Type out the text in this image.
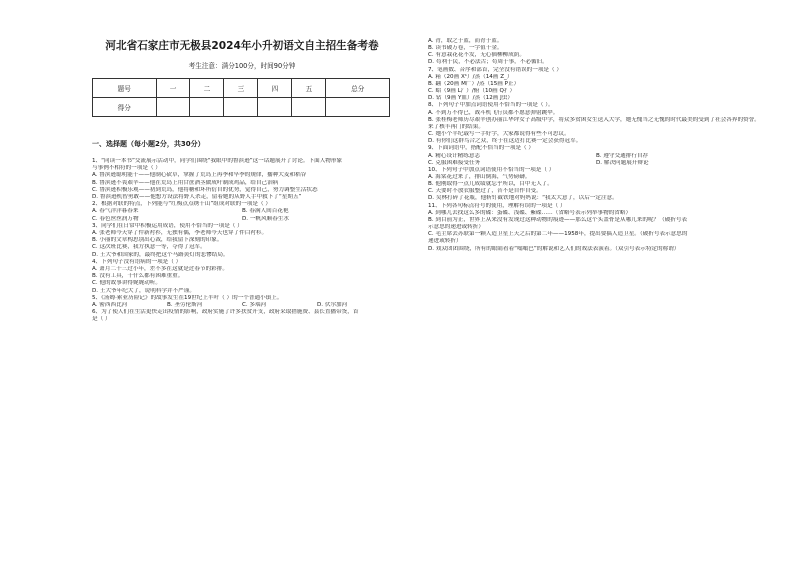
河北省石家庄市无极县2024年小升初语文自主招生备考卷
考生注意：满分100分，时间90分钟
题号	一	二	三	四	五	总分
得分						
一、选择题（每小题2分，共30分）
1、“同读一本书”交流展示活动中，同学们围绕“我眼中的鲁滨逊”这一话题展开了讨论。下面人物形象
与事例不相符的一项是（ ）
A. 鲁滨逊聪明能干——他制心砍草，掌握了荒岛上再季和旱季的规律，播种大麦和稻谷
B. 鲁滨逊不畏艰辛——他在荒岛上用甘蔗酒茎做成叶制成鸡品，给自己治病
C. 鲁滨逊积极乐观——初到荒岛，他将糖和坏所衍自的优势，觉得自己，努力调整生活状态
D. 鲁滨逊机智勇敢——他想方设法将野人杀走，留着她的从野人手中救下了“星期五”
2、根据对联的特点，下列能与“红梅点点绣千山”组成对联的一项是（ ）
A. 春气洋洋暮春来	B. 春满人间百花艳
C. 春色丝丝润万物	D. 一帆风顺春生水
3、同学们在日常中积极运用成语，使用不恰当的一项是（ ）
A. 张老师今天穿了件新衬衫，无独有偶，李老师今天也穿了件白衬衫。
B. 小丽的文章构思别出心裁，给我留下深刻的印象。
C. 这次班比赛，我方执意一等，夺得了冠军。
D. 王大爷和国家的，最终把这个马路黄灯的悲惨结局。
4、下列句子没有语病的一项是（ ）
A. 萧月二十三过小年，差不多在这就是过春节的彩排。
B. 没有工具，千什么都有困难重重。
C. 他的故事讲得娓娓动听。
D. 王大爷年纪大了，说明科学并不严谨。
5、《汤姆·索亚历险记》的故事发生在19世纪上半叶（ ）的一个普通小镇上。
A. 密西西比河	B. 圣劳伦斯河	C. 多瑙河	D. 伏尔加河
6、为了使人们在生活更快走出疫情的影响，政府实施了许多扶贫开支，政府采取措施费、县长直播带货，首
是（ ）
A. 青，取之于蓝，而青于蓝。
B. 读书破万卷，一字值千金。
C. 有意栽花花不发，无心插柳柳成荫。
D. 苟利于民，不必法古；苟周于事，不必循旧。
7、笔画数、音序和部首，完全没有错误的一项是（ ）
A. 箱（20画 X¹）/蒸（14画 Z_）
B. 翻（20画 M广）/蒸（15画 P止）
C. 蛤（9画 L氵）/俯（10画 Q扌）
D. 钻（9画 Y皿）/蒸（12画 J虫）
8、下列句子中加点词语使用不恰当的一项是（ ）。
A. 不到万不得已，战斗机飞行员都不愿意弹射跳伞。
B. 张桂梅老师历尽艰辛创办丽江华坪女子高级中学，将众多贫困女生送入大学，她无愧当之无愧的时代最美的受到了社会各界的赞誉。
来了核丰再门的结果。
C. 她小个半纪载写一手好字，大家都说得有些不可思议。
D. 有你们这群鸟合之众，终于在这边打比赛一定会获得冠军。
9、下面词语中，搭配不恰当的一项是（ ）
A. 精心设计精练意志	B. 遵守交通排行自荐
C. 克服困难接受任务	D. 解决问题展开辩论
10、下列句子中加点词语使用不恰当的一项是（ ）
A. 海棠花过来了，排山倒海，气势磅礴。
B. 他刚取得一点儿成绩就忘乎所以，目中无人了。
C. 天要时不放衣服整过了，昔不是自作自受。
D. 吴林打碎了花瓶，他斩钉截铁地对妈妈说：“我太大意了，以后一定注意。
11、下列各句标点符号的使用，理解有误的一项是（ ）
A. 到哪儿去找这么多的碟：蛋碟、浅碟、紫碟……（省略号表示列举事物的省略）
B. 到目前为止，世界上从来没有发现过这种动物的痕迹——那么这个头盖骨是从哪儿来的呢？（破折号表
示意思的递进或转折）
C. 毛主席去苏联第一颗人造卫星上天之后的第二年——1958年，提出要搞人造卫星。（破折号表示意思的
递进或转折）
D. 戏众团团围绕，所有的眼睛看着“嗡嗡巴”的解说和艺人们的戏法表演着。（双引号表示特定的称谓）
